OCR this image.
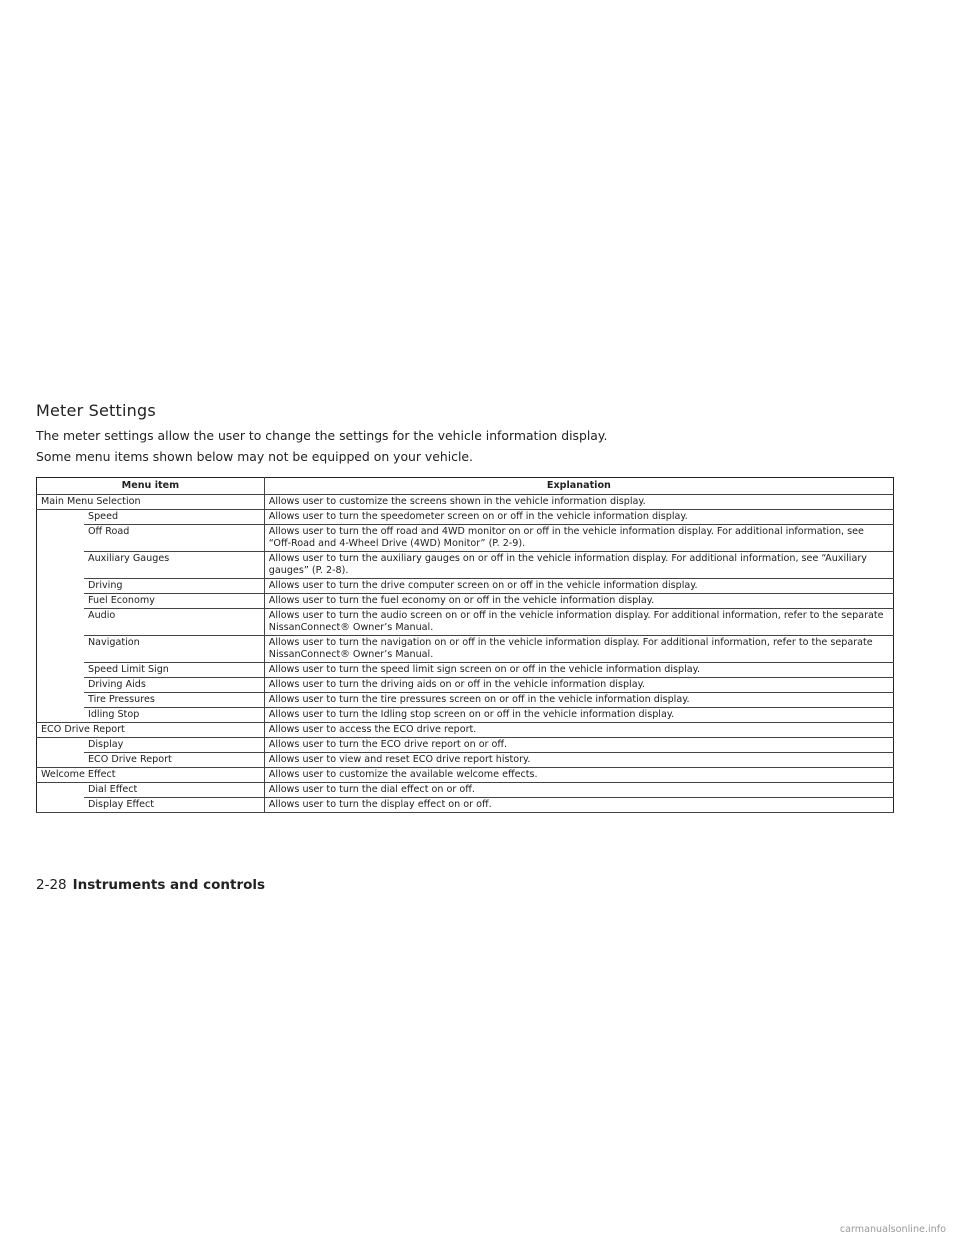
Meter Settings

The meter settings allow the user to change the settings for the vehicle information display.

Some menu items shown below may not be equipped on your vehicle.

Menu item		Explanation
Main Menu Selection		Allows user to customize the screens shown in the vehicle information display.
	Speed	Allows user to turn the speedometer screen on or off in the vehicle information display.
	Off Road	Allows user to turn the off road and 4WD monitor on or off in the vehicle information display. For additional information, see “Off-Road and 4-Wheel Drive (4WD) Monitor” (P. 2-9).
	Auxiliary Gauges	Allows user to turn the auxiliary gauges on or off in the vehicle information display. For additional information, see “Auxiliary gauges” (P. 2-8).
	Driving	Allows user to turn the drive computer screen on or off in the vehicle information display.
	Fuel Economy	Allows user to turn the fuel economy on or off in the vehicle information display.
	Audio	Allows user to turn the audio screen on or off in the vehicle information display. For additional information, refer to the separate NissanConnect® Owner’s Manual.
	Navigation	Allows user to turn the navigation on or off in the vehicle information display. For additional information, refer to the separate NissanConnect® Owner’s Manual.
	Speed Limit Sign	Allows user to turn the speed limit sign screen on or off in the vehicle information display.
	Driving Aids	Allows user to turn the driving aids on or off in the vehicle information display.
	Tire Pressures	Allows user to turn the tire pressures screen on or off in the vehicle information display.
	Idling Stop	Allows user to turn the Idling stop screen on or off in the vehicle information display.
ECO Drive Report		Allows user to access the ECO drive report.
	Display	Allows user to turn the ECO drive report on or off.
	ECO Drive Report	Allows user to view and reset ECO drive report history.
Welcome Effect		Allows user to customize the available welcome effects.
	Dial Effect	Allows user to turn the dial effect on or off.
	Display Effect	Allows user to turn the display effect on or off.
2-28 Instruments and controls
carmanualsonline.info
